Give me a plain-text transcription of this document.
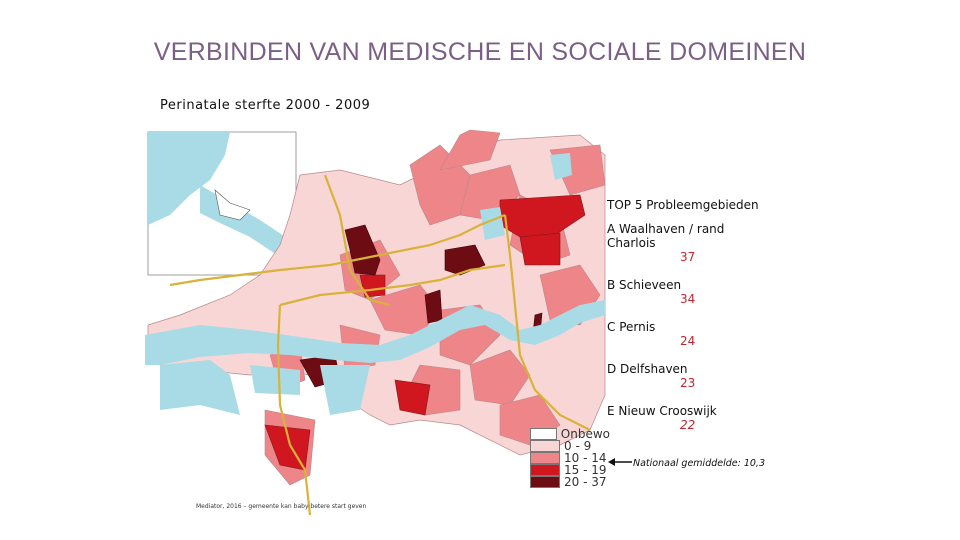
VERBINDEN VAN MEDISCHE EN SOCIALE DOMEINEN
Perinatale sterfte 2000 - 2009
TOP 5 Probleemgebieden
A Waalhaven / rand Charlois
37
B Schieveen
34
C Pernis
24
D Delfshaven
23
E Nieuw Crooswijk
22
Onbewo
0 - 9
10 - 14
15 - 19
20 - 37
Nationaal gemiddelde: 10,3
Mediator, 2016 – gemeente kan baby betere start geven
